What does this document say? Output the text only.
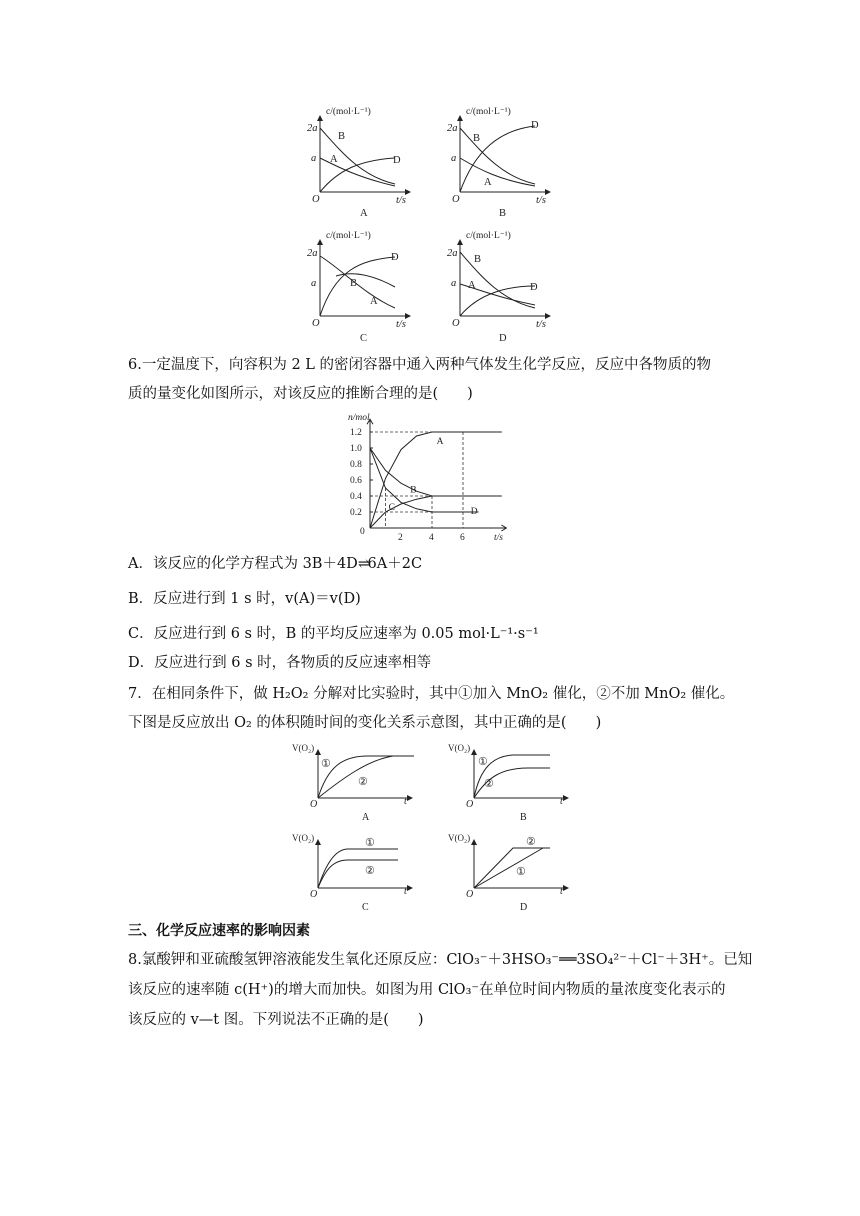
c/(mol·L⁻¹)	c/(mol·L⁻¹)
c/(mol·L⁻¹)	c/(mol·L⁻¹)
2a
a
2a
a
2a
a
2a
a
O	O
O	O
t/s	t/s
t/s	t/s
B
A	D
A
B
D
A
B
D
B
A
C
B
A	D
D
6.一定温度下，向容积为 2 L 的密闭容器中通入两种气体发生化学反应，反应中各物质的物
质的量变化如图所示，对该反应的推断合理的是(　　)
0.2
0.4
0.6
0.8
1.0
1.2
2	4	6
A
B
C	D
n/mol
t/s
0
A．该反应的化学方程式为 3B＋4D⇌6A＋2C
B．反应进行到 1 s 时，v(A)＝v(D)
C．反应进行到 6 s 时，B 的平均反应速率为 0.05 mol·L⁻¹·s⁻¹
D．反应进行到 6 s 时，各物质的反应速率相等
7．在相同条件下，做 H₂O₂ 分解对比实验时，其中①加入 MnO₂ 催化，②不加 MnO₂ 催化。
下图是反应放出 O₂ 的体积随时间的变化关系示意图，其中正确的是(　　)
V(O₂)	V(O₂)
V(O₂)	V(O₂)
O	O
O	O
t	t
t	t
①
②
①
②
①
②
②
①
A	B
C	D
三、化学反应速率的影响因素
8.氯酸钾和亚硫酸氢钾溶液能发生氧化还原反应：ClO₃⁻＋3HSO₃⁻══3SO₄²⁻＋Cl⁻＋3H⁺。已知
该反应的速率随 c(H⁺)的增大而加快。如图为用 ClO₃⁻在单位时间内物质的量浓度变化表示的
该反应的 v—t 图。下列说法不正确的是(　　)
